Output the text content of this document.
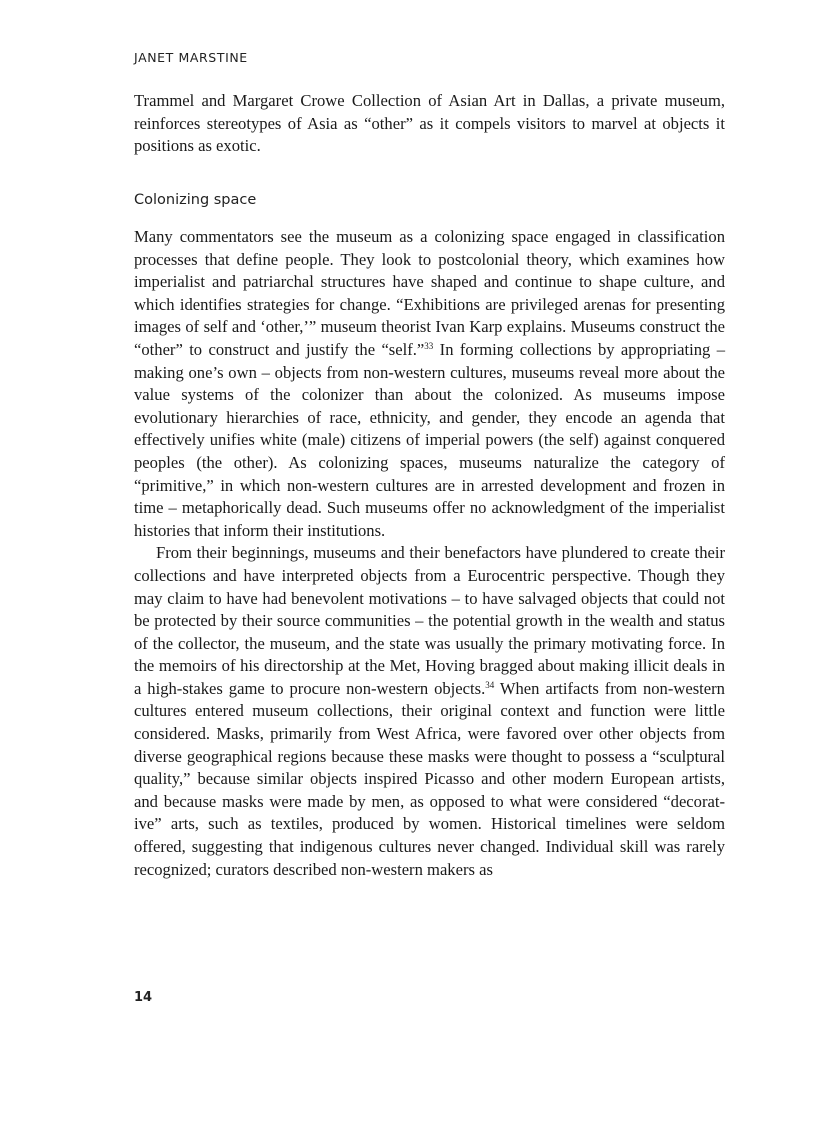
JANET MARSTINE

Trammel and Margaret Crowe Collection of Asian Art in Dallas, a private museum, reinforces stereotypes of Asia as “other” as it compels visitors to marvel at objects it positions as exotic.

Colonizing space

Many commentators see the museum as a colonizing space engaged in classification processes that define people. They look to postcolonial theory, which examines how imperialist and patriarchal structures have shaped and continue to shape culture, and which identifies strategies for change. “Exhibitions are privileged arenas for presenting images of self and ‘other,’” museum theorist Ivan Karp explains. Museums construct the “other” to construct and justify the “self.”$^{33}$ In forming collections by appropriating – making one’s own – objects from non-western cultures, museums reveal more about the value systems of the colonizer than about the colonized. As museums impose evolutionary hierarchies of race, ethnicity, and gender, they encode an agenda that effectively unifies white (male) citizens of imperial powers (the self) against conquered peoples (the other). As colonizing spaces, museums naturalize the category of “primitive,” in which non-western cultures are in arrested development and frozen in time – metaphorically dead. Such museums offer no acknowledgment of the imperialist histories that inform their institutions.

From their beginnings, museums and their benefactors have plundered to create their collections and have interpreted objects from a Eurocentric perspective. Though they may claim to have had benevolent motivations – to have salvaged objects that could not be protected by their source communities – the potential growth in the wealth and status of the collector, the museum, and the state was usually the primary motivating force. In the memoirs of his directorship at the Met, Hoving bragged about making illicit deals in a high-stakes game to procure non-western objects.$^{34}$ When artifacts from non-western cultures entered museum collections, their original context and function were little considered. Masks, primarily from West Africa, were favored over other objects from diverse geographical regions because these masks were thought to possess a “sculptural quality,” because similar objects inspired Picasso and other modern European artists, and because masks were made by men, as opposed to what were considered “decorative” arts, such as textiles, produced by women. Historical timelines were seldom offered, suggesting that indigenous cultures never changed. Individual skill was rarely recognized; curators described non-western makers as

14
